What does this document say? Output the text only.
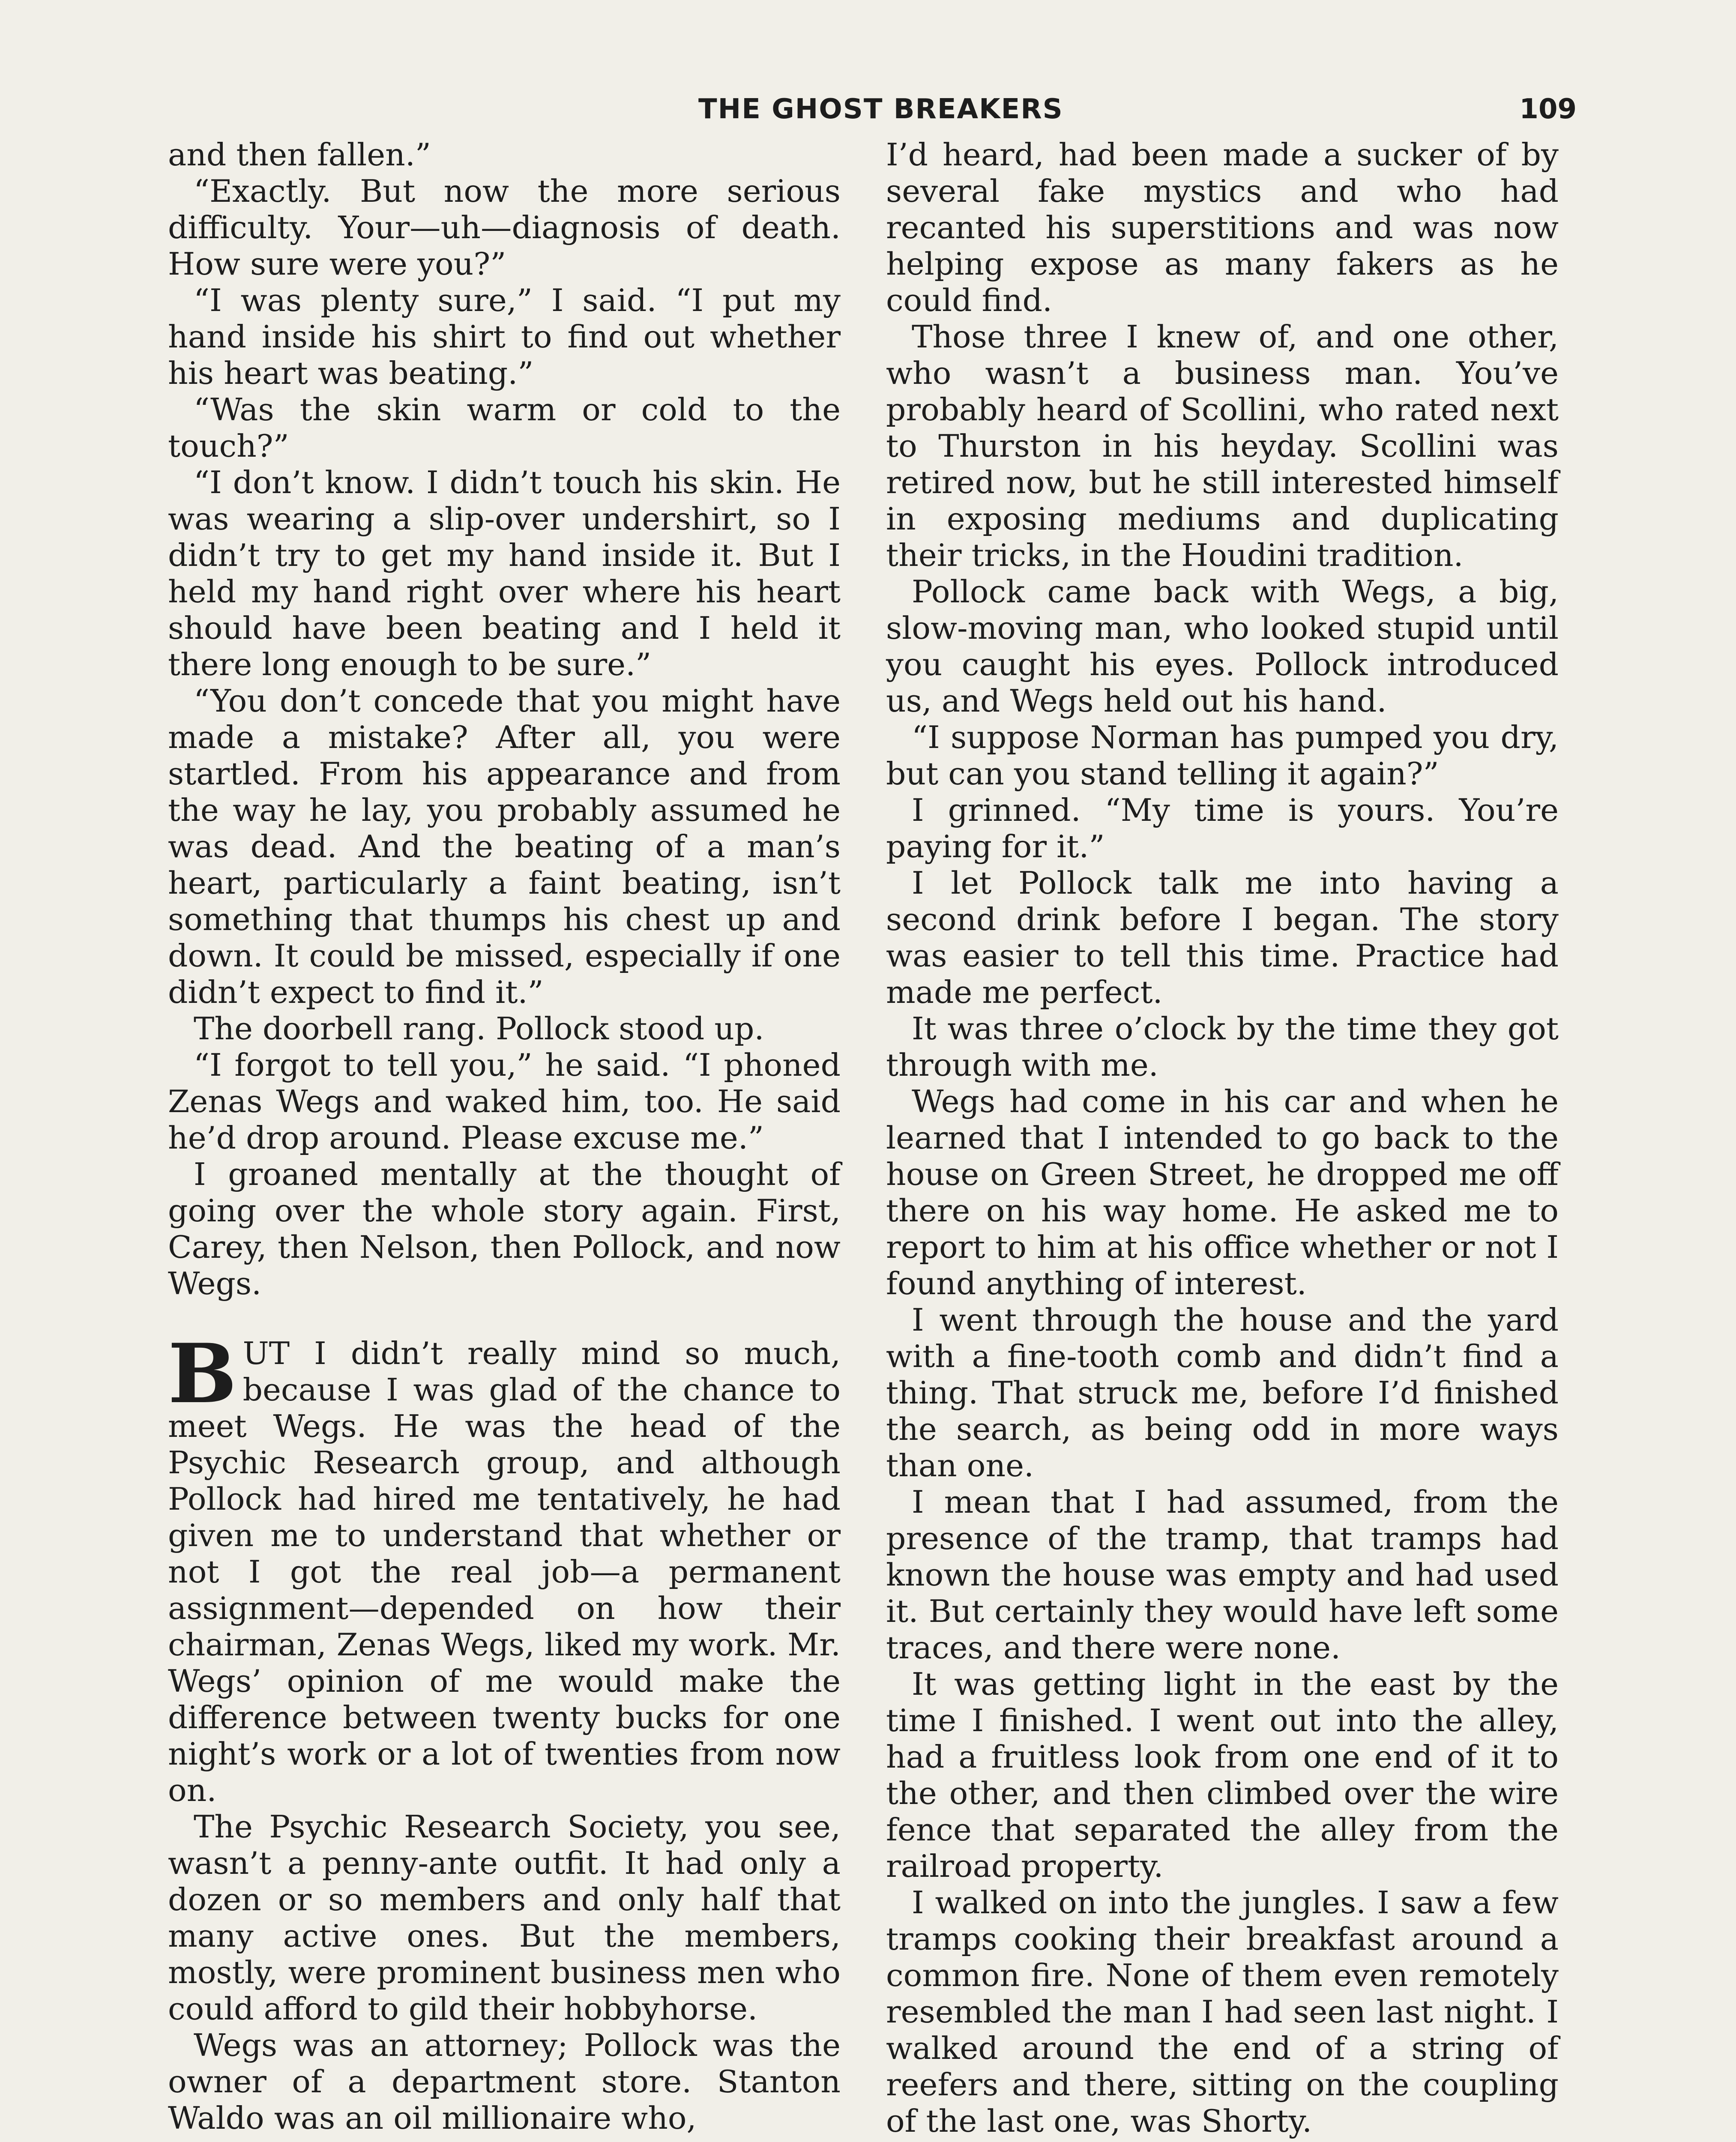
THE GHOST BREAKERS	109

and then fallen.”

“Exactly. But now the more serious difficulty. Your—uh—diagnosis of death. How sure were you?”

“I was plenty sure,” I said. “I put my hand inside his shirt to find out whether his heart was beating.”

“Was the skin warm or cold to the touch?”

“I don’t know. I didn’t touch his skin. He was wearing a slip-over undershirt, so I didn’t try to get my hand inside it. But I held my hand right over where his heart should have been beating and I held it there long enough to be sure.”

“You don’t concede that you might have made a mistake? After all, you were startled. From his appearance and from the way he lay, you probably assumed he was dead. And the beating of a man’s heart, particularly a faint beating, isn’t something that thumps his chest up and down. It could be missed, especially if one didn’t expect to find it.”

The doorbell rang. Pollock stood up.

“I forgot to tell you,” he said. “I phoned Zenas Wegs and waked him, too. He said he’d drop around. Please excuse me.”

I groaned mentally at the thought of going over the whole story again. First, Carey, then Nelson, then Pollock, and now Wegs.

BUT I didn’t really mind so much, because I was glad of the chance to meet Wegs. He was the head of the Psychic Research group, and although Pollock had hired me tentatively, he had given me to understand that whether or not I got the real job—a permanent assignment—depended on how their chairman, Zenas Wegs, liked my work. Mr. Wegs’ opinion of me would make the difference between twenty bucks for one night’s work or a lot of twenties from now on.

The Psychic Research Society, you see, wasn’t a penny-ante outfit. It had only a dozen or so members and only half that many active ones. But the members, mostly, were prominent business men who could afford to gild their hobbyhorse.

Wegs was an attorney; Pollock was the owner of a department store. Stanton Waldo was an oil millionaire who,

I’d heard, had been made a sucker of by several fake mystics and who had recanted his superstitions and was now helping expose as many fakers as he could find.

Those three I knew of, and one other, who wasn’t a business man. You’ve probably heard of Scollini, who rated next to Thurston in his heyday. Scollini was retired now, but he still interested himself in exposing mediums and duplicating their tricks, in the Houdini tradition.

Pollock came back with Wegs, a big, slow-moving man, who looked stupid until you caught his eyes. Pollock introduced us, and Wegs held out his hand.

“I suppose Norman has pumped you dry, but can you stand telling it again?”

I grinned. “My time is yours. You’re paying for it.”

I let Pollock talk me into having a second drink before I began. The story was easier to tell this time. Practice had made me perfect.

It was three o’clock by the time they got through with me.

Wegs had come in his car and when he learned that I intended to go back to the house on Green Street, he dropped me off there on his way home. He asked me to report to him at his office whether or not I found anything of interest.

I went through the house and the yard with a fine-tooth comb and didn’t find a thing. That struck me, before I’d finished the search, as being odd in more ways than one.

I mean that I had assumed, from the presence of the tramp, that tramps had known the house was empty and had used it. But certainly they would have left some traces, and there were none.

It was getting light in the east by the time I finished. I went out into the alley, had a fruitless look from one end of it to the other, and then climbed over the wire fence that separated the alley from the railroad property.

I walked on into the jungles. I saw a few tramps cooking their breakfast around a common fire. None of them even remotely resembled the man I had seen last night. I walked around the end of a string of reefers and there, sitting on the coupling of the last one, was Shorty.
